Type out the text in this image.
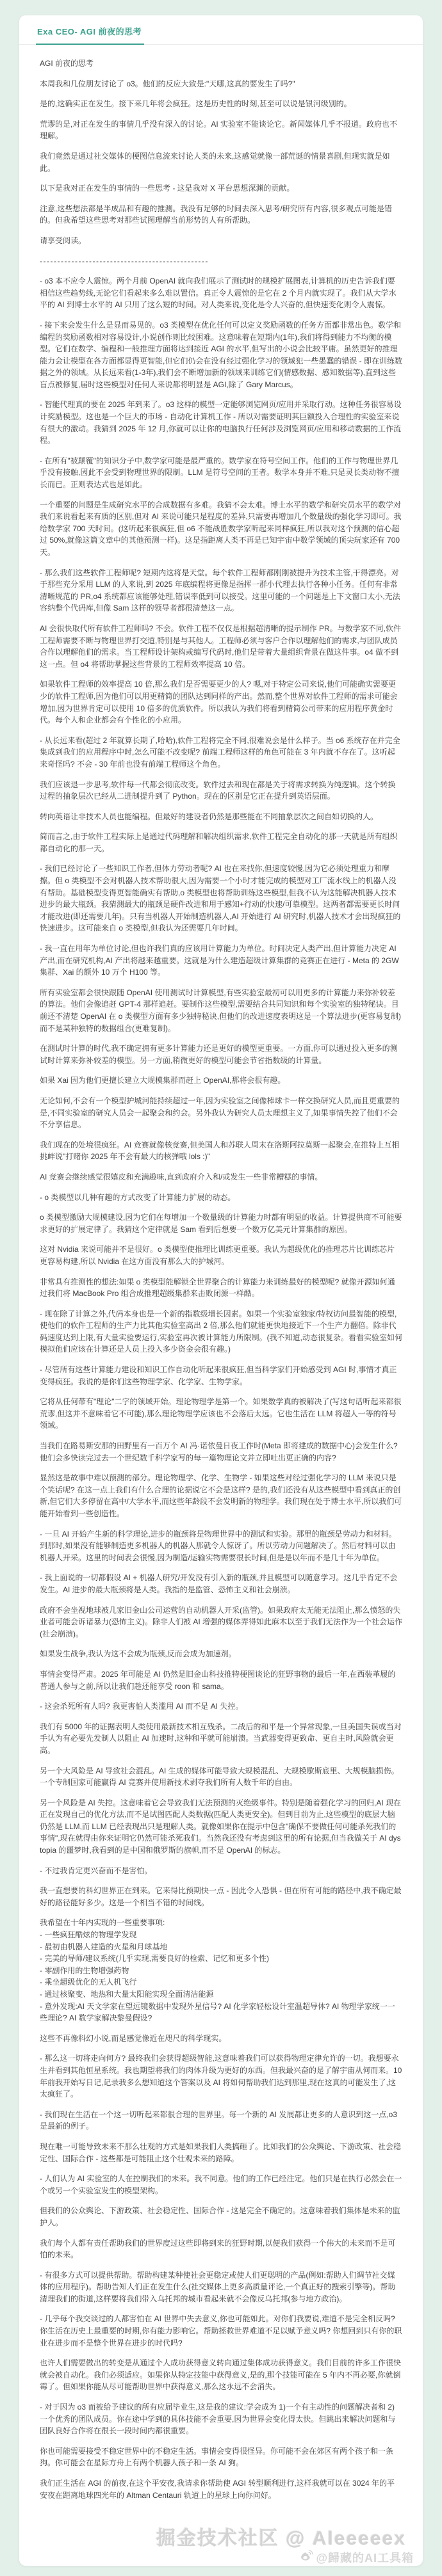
Exa CEO- AGI 前夜的思考

AGI 前夜的思考

本周我和几位朋友讨论了 o3。他们的反应大致是:"天哪,这真的要发生了吗?"

是的,这确实正在发生。接下来几年将会疯狂。这是历史性的时刻,甚至可以说是银河级别的。

荒谬的是,对正在发生的事情几乎没有深入的讨论。AI 实验室不能谈论它。新闻媒体几乎不报道。政府也不理解。

我们竟然是通过社交媒体的梗图信息流来讨论人类的未来,这感觉就像一部荒诞的情景喜剧,但现实就是如此。

以下是我对正在发生的事情的一些思考 - 这是我对 X 平台思想深渊的贡献。

注意,这些想法都是半成品和有趣的推测。我没有足够的时间去深入思考/研究所有内容,很多观点可能是错的。但我希望这些思考对那些试图理解当前形势的人有所帮助。

请享受阅读。

------------------------------------------------

- o3 本不应令人震惊。两个月前 OpenAI 就向我们展示了测试时的规模扩展图表,计算机的历史告诉我们要相信这些趋势线,无论它们看起来多么难以置信。真正令人震惊的是它在 2 个月内就实现了。我们从大学水平的 AI 到博士水平的 AI 只用了这么短的时间。对人类来说,变化是令人兴奋的,但快速变化则令人震惊。

- 接下来会发生什么是显而易见的。o3 类模型在优化任何可以定义奖励函数的任务方面都非常出色。数学和编程的奖励函数相对容易设计,小说创作则比较困难。这意味着在短期内(1年),我们将得到能力不均衡的模型。它们在数学、编程和一般推理方面将达到接近 AGI 的水平,但写出的小说会比较平庸。虽然更好的推理能力会让模型在各方面都显得更智能,但它们仍会在没有经过强化学习的领域犯一些愚蠢的错误 - 即在训练数据之外的领域。从长远来看(1-3年),我们会不断增加新的领域来训练它们(情感数据、感知数据等),直到这些盲点被修复,届时这些模型对任何人来说都将明显是 AGI,除了 Gary Marcus。

- 智能代理真的要在 2025 年到来了。o3 这样的模型一定能够浏览网页/应用并采取行动。这种任务很容易设计奖励模型。这也是一个巨大的市场 - 自动化计算机工作 - 所以对需要证明其巨额投入合理性的实验室来说有很大的激动。我猜到 2025 年 12 月,你就可以让你的电脑执行任何涉及浏览网页/应用和移动数据的工作流程。

- 在所有"被颠覆"的知识分子中,数学家可能是最严重的。数学家在符号空间工作。他们的工作与物理世界几乎没有接触,因此不会受到物理世界的限制。LLM 是符号空间的王者。数学本身并不难,只是灵长类动物不擅长而已。正则表达式也是如此。

一个重要的问题是生成研究水平的合成数据有多难。我猜不会太难。博士水平的数学和研究员水平的数学对我们来说看起来有质的区别,但对 AI 来说可能只是程度的差异,只需要再增加几个数量级的强化学习即可。我给数学家 700 天时间。(这听起来很疯狂,但 o6 不能战胜数学家听起来同样疯狂,所以我对这个预测的信心超过 50%,就像这篇文章中的其他预测一样)。这是指距离人类不再是已知宇宙中数学领域的顶尖玩家还有 700 天。

- 那么我们这些软件工程师呢? 短期内这将是天堂。每个软件工程师都刚刚被提升为技术主管,干得漂亮。对于那些充分采用 LLM 的人来说,到 2025 年底编程将更像是指挥一群小代理去执行各种小任务。任何有非常清晰规范的 PR,o4 系统都应该能够处理,错误率低到可以接受。这里可能的一个问题是上下文窗口太小,无法容纳整个代码库,但像 Sam 这样的领导者都很清楚这一点。

AI 会很快取代所有软件工程师吗? 不会。软件工程不仅仅是根据超清晰的提示制作 PR。与数学家不同,软件工程师需要不断与物理世界打交道,特别是与其他人。工程师必须与客户合作以理解他们的需求,与团队成员合作以理解他们的需求。当工程师设计架构或编写代码时,他们是带着大量组织背景在做这件事。o4 做不到这一点。但 o4 将帮助掌握这些背景的工程师效率提高 10 倍。

如果软件工程师的效率提高 10 倍,那么我们是否需要更少的人? 嗯,对于特定公司来说,他们可能确实需要更少的软件工程师,因为他们可以用更精简的团队达到同样的产出。然而,整个世界对软件工程师的需求可能会增加,因为世界肯定可以使用 10 倍多的优质软件。所以我认为我们将看到精简公司带来的应用程序黄金时代。每个人和企业都会有个性化的小应用。

- 从长远来看(超过 2 年就算长期了,哈哈),软件工程将完全不同,很难说会是什么样子。当 o6 系统存在并完全集成到我们的应用程序中时,怎么可能不改变呢? 前端工程师这样的角色可能在 3 年内就不存在了。这听起来奇怪吗? 不会 - 30 年前也没有前端工程师这个角色。

我们应该退一步思考,软件每一代都会彻底改变。软件过去和现在都是关于将需求转换为纯逻辑。这个转换过程的抽象层次已经从二进制提升到了 Python。现在的区别是它正在提升到英语层面。

转向英语让非技术人员也能编程。但最好的建设者仍然是那些能在不同抽象层次之间自如切换的人。

简而言之,由于软件工程实际上是通过代码理解和解决组织需求,软件工程完全自动化的那一天就是所有组织都自动化的那一天。

- 我们已经讨论了一些知识工作者,但体力劳动者呢? AI 也在来找你,但速度较慢,因为它必须处理重力和摩擦。但 o 类模型不会对机器人技术帮助很大,因为需要一个小时才能完成的模型对工厂流水线上的机器人没有帮助。基础模型变得更智能确实有帮助,o 类模型也将帮助训练这些模型,但我不认为这能解决机器人技术进步的最大瓶颈。我猜测最大的瓶颈是硬件改进和用于感知+行动的快速/可靠模型。这两者都需要更长时间才能改进(即还需要几年)。只有当机器人开始制造机器人,AI 开始进行 AI 研究时,机器人技术才会出现疯狂的快速进步。这可能来自 o 类模型,但我认为还需要几年时间。

- 我一直在用年为单位讨论,但也许我们真的应该用计算能力为单位。时间决定人类产出,但计算能力决定 AI 产出,而在研究机构,AI 产出将越来越重要。这就是为什么建造超级计算集群的竞赛正在进行 - Meta 的 2GW 集群、Xai 的额外 10 万个 H100 等。

所有实验室都会很快跟随 OpenAI 使用测试时计算模型,有些实验室最初可以用更多的计算能力来弥补较差的算法。他们会像追赶 GPT-4 那样追赶。要制作这些模型,需要结合共同知识和每个实验室的独特秘诀。目前还不清楚 OpenAI 在 o 类模型方面有多少独特秘诀,但他们的改进速度表明这是一个算法进步(更容易复制)而不是某种独特的数据组合(更难复制)。

在测试时计算的时代,我不确定拥有更多计算能力还是更好的模型更重要。一方面,你可以通过投入更多的测试时计算来弥补较差的模型。另一方面,稍微更好的模型可能会节省指数级的计算量。

如果 Xai 因为他们更擅长建立大规模集群而赶上 OpenAI,那将会很有趣。

无论如何,不会有一个模型护城河能持续超过一年,因为实验室之间像棒球卡一样交换研究人员,而且更重要的是,不同实验室的研究人员会一起聚会和约会。另外我认为研究人员太理想主义了,如果事情失控了他们不会不分享信息。

我们现在的处境很疯狂。AI 竞赛就像核竞赛,但美国人和苏联人周末在洛斯阿拉莫斯一起聚会,在推特上互相挑衅说"打赌你 2025 年不会有最大的核弹哦 lols :)"

AI 竞赛会继续感觉很嬉皮和充满趣味,直到政府介入和/或发生一些非常糟糕的事情。

- o 类模型以几种有趣的方式改变了计算能力扩展的动态。

o 类模型激励大规模建设,因为它们在每增加一个数量级的计算能力时都有明显的收益。计算提供商不可能要求更好的扩展定律了。我猜这个定律就是 Sam 看到后想要一个数万亿美元计算集群的原因。

这对 Nvidia 来说可能并不是很好。o 类模型使推理比训练更重要。我认为超级优化的推理芯片比训练芯片更容易构建,所以 Nvidia 在这方面没有那么大的护城河。

非常具有推测性的想法:如果 o 类模型能解锁全世界聚合的计算能力来训练最好的模型呢? 就像开源如何通过我们将 MacBook Pro 组合成推理超级集群来击败闭源一样酷。

- 现在除了计算之外,代码本身也是一个新的指数级增长因素。如果一个实验室独家/特权访问最智能的模型,使他们的软件工程师的生产力比其他实验室高出 2 倍,那么他们就能更快地接近下一个生产力翻倍。除非代码速度达到上限,有大量实验要运行,实验室再次被计算能力所限制。(我不知道,动态很复杂。看看实验室如何模拟他们应该在计算还是人员上投入多少资金会很有趣。)

- 尽管所有这些计算能力建设和知识工作自动化听起来很疯狂,但当科学家们开始感受到 AGI 时,事情才真正变得疯狂。我说的是你们这些物理学家、化学家、生物学家。

它将从任何带有"理论"二字的领域开始。理论物理学是第一个。如果数学真的被解决了(写这句话听起来都很荒谬,但这并不意味着它不可能),那么理论物理学应该也不会落后太远。它也生活在 LLM 将超人一等的符号领域。

当我们在路易斯安那的田野里有一百万个 AI 冯·诺依曼日夜工作时(Meta 即将建成的数据中心)会发生什么? 他们会多快读完过去一个世纪数千科学家写的每一篇物理论文并立即吐出更正确的内容?

显然这是故事中难以预测的部分。理论物理学、化学、生物学 - 如果这些对经过强化学习的 LLM 来说只是个笑话呢? 在这一点上我们有什么合理的论据说它不会是这样? 是的,我们还没有从这些模型中看到真正的创新,但它们大多停留在高中/大学水平,而这些年龄段不会发明新的物理学。我们现在处于博士水平,所以我们可能开始看到一些创造性。

- 一旦 AI 开始产生新的科学理论,进步的瓶颈将是物理世界中的测试和实验。那里的瓶颈是劳动力和材料。到那时,如果没有能够制造更多机器人的机器人那就令人惊讶了。所以劳动力问题解决了。然后材料可以由机器人开采。这里的时间表会很慢,因为制造/运输实物需要很长时间,但是是以年而不是几十年为单位。

- 我上面说的一切都假设 AI + 机器人研究/开发没有引入新的瓶颈,并且模型可以随意学习。这几乎肯定不会发生。AI 进步的最大瓶颈将是人类。我指的是监管、恐怖主义和社会崩溃。

政府不会坐视地球被几家旧金山公司运营的自动机器人开采(监管)。如果政府太无能无法阻止,那么愤怒的失业者可能会诉诸暴力(恐怖主义)。除非人们被 AI 增强的媒体弄得如此麻木以至于我们无法作为一个社会运作(社会崩溃)。

如果发生战争,我认为这不会成为瓶颈,反而会成为加速剂。

事情会变得严肃。2025 年可能是 AI 仍然是旧金山科技推特梗图谈论的狂野事物的最后一年,在西装革履的普通人参与之前,所以让我们趁还能享受 roon 和 sama。

- 这会杀死所有人吗? 我更害怕人类滥用 AI 而不是 AI 失控。

我们有 5000 年的证据表明人类使用最新技术相互残杀。二战后的和平是一个异常现象,一旦美国失误或当对手认为有必要先发制人以阻止 AI 加速时,这种和平就可能崩溃。当武器变得更致命、更自主时,风险就会更高。

另一个大风险是 AI 导致社会混乱。AI 生成的媒体可能导致大规模混乱、大规模歇斯底里、大规模脑损伤。一个专制国家可能赢得 AI 竞赛并使用新技术剥夺我们所有人数千年的自由。

另一个风险是 AI 失控。这意味着它会导致我们无法预测的灭绝级事件。特别是随着强化学习的回归,AI 现在正在发现自己的优化方法,而不是试图匹配人类数据(匹配人类更安全)。但到目前为止,这些模型的底层大脑仍然是 LLM,而 LLM 已经表现出只是理解人类。就像如果你在提示中包含"确保不要做任何可能杀死我们的事情",现在就得由你来证明它仍然可能杀死我们。当然我还没有考虑到这里的所有论据,但当我做关于 AI dystopia 的噩梦时,我看到的是中国和俄罗斯的旗帜,而不是 OpenAI 的标志。

- 不过我肯定更兴奋而不是害怕。

我一直想要的科幻世界正在到来。它来得比预期快一点 - 因此令人恐惧 - 但在所有可能的路径中,我不确定最好的路径能好多少。这是一个相当不错的时间线。

我希望在十年内实现的一些重要事项:

- 一些疯狂酷炫的物理学发现

- 最初由机器人建造的火星和月球基地

- 完美的导师/建议系统(几乎实现,需要良好的检索、记忆和更多个性)

- 零副作用的生物增强药物

- 乘坐超级优化的无人机飞行

- 通过核聚变、地热和大量太阳能实现全面清洁能源

- 意外发现:AI 天文学家在望远镜数据中发现外星信号? AI 化学家轻松设计室温超导体? AI 物理学家统一一些理论? AI 数学家解决黎曼假设?

这些不再像科幻小说,而是感觉像近在咫尺的科学现实。

- 那么这一切将走向何方? 最终我们会获得超级智能,这意味着我们可以获得物理定律允许的一切。我想要永生并看到其他恒星系统。我也期望将我们的肉体升级为更好的东西。但我最兴奋的是了解宇宙从何而来。10 年前我开始写日记,记录我多么想知道这个答案以及 AI 将如何帮助我们达到那里,现在这真的可能发生了,这太疯狂了。

- 我们现在生活在一个这一切听起来都很合理的世界里。每一个新的 AI 发展都让更多的人意识到这一点,o3 是最新的例子。

现在唯一可能导致未来不那么壮观的方式是如果我们人类搞砸了。比如我们的公众舆论、下游政策、社会稳定性、国际合作 - 这些都是可能阻止这个壮观未来的路障。

- 人们认为 AI 实验室的人在控制我们的未来。我不同意。他们的工作已经注定。他们只是在执行必然会在一个或另一个实验室发生的模型架构。

但我们的公众舆论、下游政策、社会稳定性、国际合作 - 这是完全不确定的。这意味着我们集体是未来的监护人。

我们每个人都有责任帮助我们的世界度过这些即将到来的狂野时期,以便我们获得一个伟大的未来而不是可怕的未来。

- 有很多方式可以提供帮助。帮助构建某种使社会更稳定或使人们更聪明的产品(例如:帮助人们调节社交媒体的应用程序)。帮助告知人们正在发生什么(社交媒体上更多高质量评论,一个真正好的搜索引擎等)。帮助清理我们的街道,这样要将我们带入乌托邦的城市看起来就不会像反乌托邦(参与地方政治)。

- 几乎每个我交谈过的人都害怕在 AI 世界中失去意义,你也可能如此。对你们我要说,难道不是完全相反吗? 你生活在历史上最重要的时期,你有能力影响它。帮助拯救世界难道不足以赋予意义吗? 你想回到只有你的职业在进步而不是整个世界在进步的时代吗?

也许人们需要做出的转变是从通过个人成功获得意义转向通过集体成功获得意义。我们目前的许多工作很快就会被自动化。我们必须适应。如果你从特定技能中获得意义,是的,那个技能可能在 5 年内不再必要,你就倒霉了。但如果你能从尽可能帮助世界中获得意义,那么这永远不会消失。

- 对于因为 o3 而被给予建议的所有应届毕业生,这是我的建议:学会成为 1)一个有主动性的问题解决者和 2)一个优秀的团队成员。你在途中学到的具体技能不会重要,因为世界会变化得太快。但跳出来解决问题和与团队良好合作将在很长一段时间内都很重要。

你也可能需要接受不稳定世界中的不稳定生活。事情会变得很怪异。你可能不会在郊区有两个孩子和一条狗。你可能会在星际方舟上有两个机器人孩子和一条 AI 狗。

我们正生活在 AGI 的前夜,在这个平安夜,我请求你帮助使 AGI 转型顺利进行,这样我就可以在 3024 年的平安夜在距离地球四光年的 Altman Centauri 轨道上的星球上向你问好。

掘金技术社区 @ Aleeeeex
@歸藏的AI工具箱
